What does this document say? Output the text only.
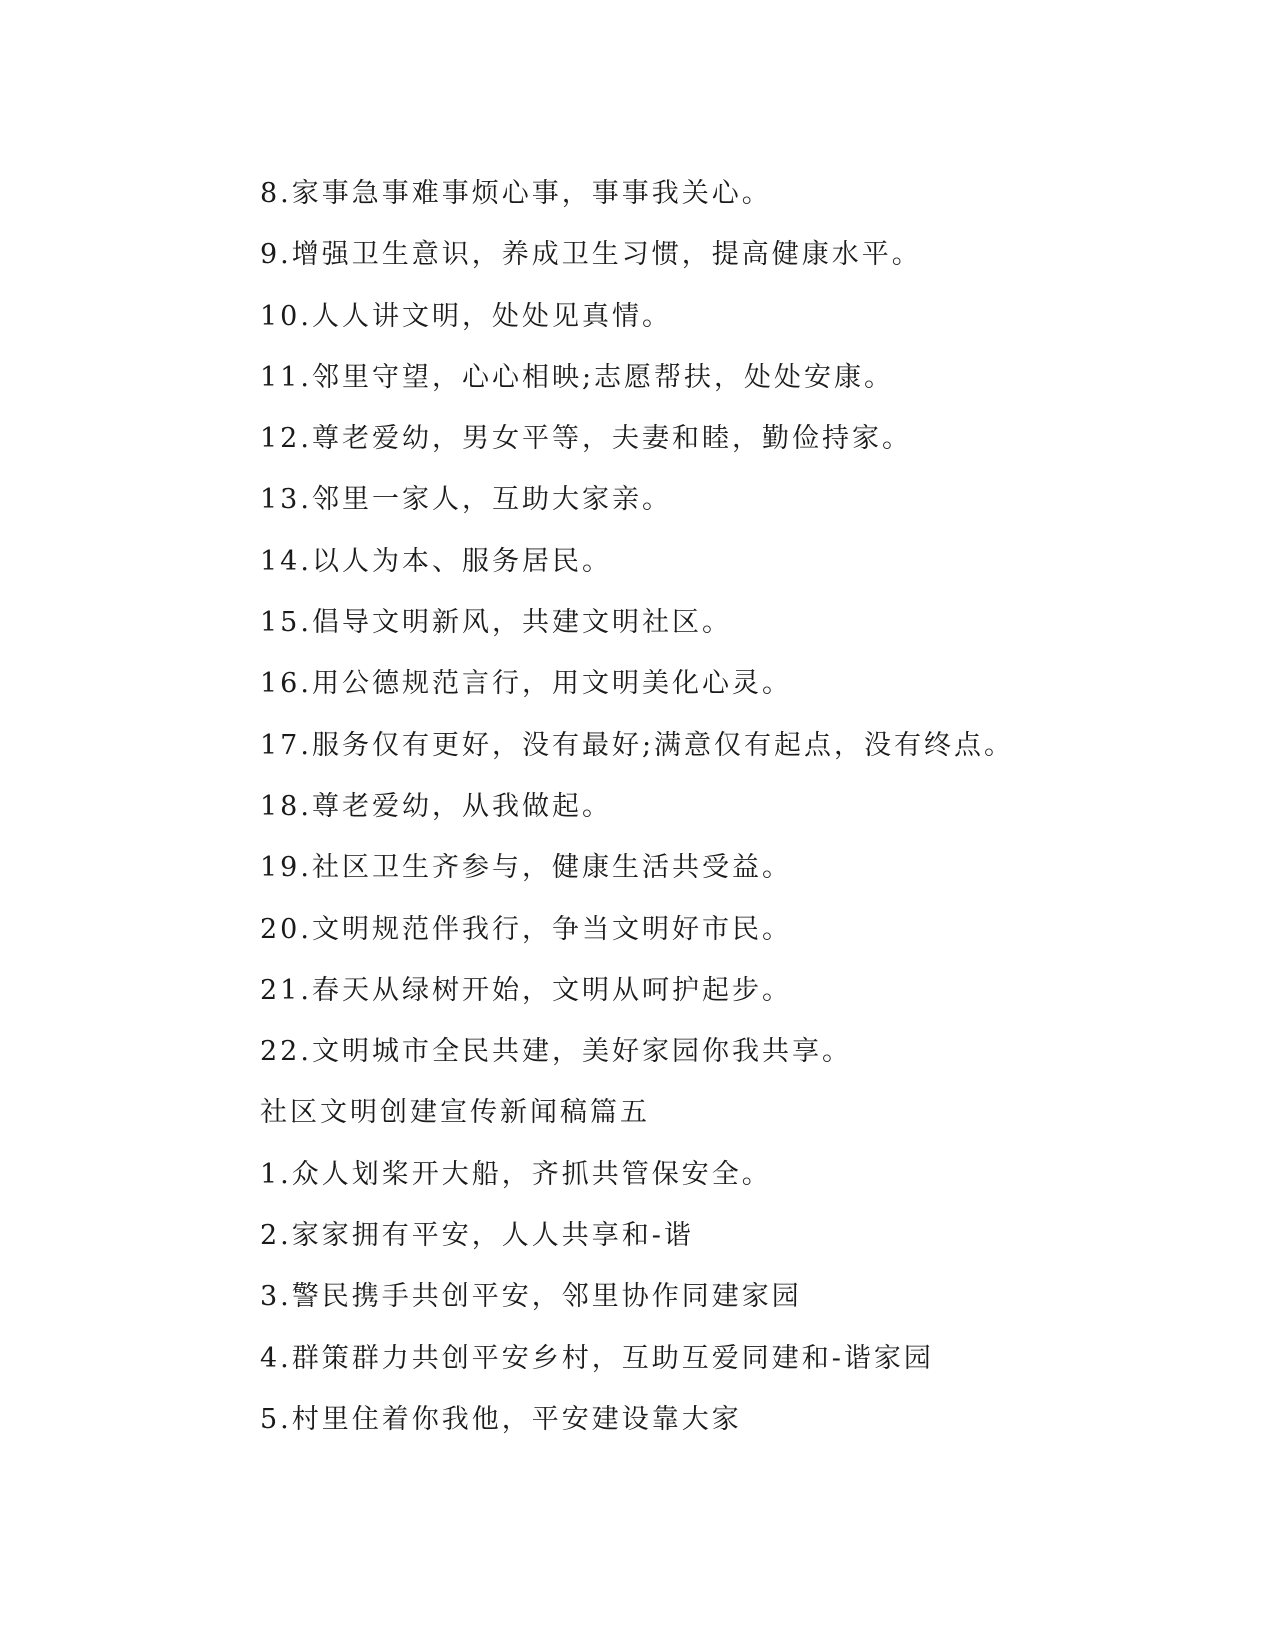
8.家事急事难事烦心事，事事我关心。
9.增强卫生意识，养成卫生习惯，提高健康水平。
10.人人讲文明，处处见真情。
11.邻里守望，心心相映;志愿帮扶，处处安康。
12.尊老爱幼，男女平等，夫妻和睦，勤俭持家。
13.邻里一家人，互助大家亲。
14.以人为本、服务居民。
15.倡导文明新风，共建文明社区。
16.用公德规范言行，用文明美化心灵。
17.服务仅有更好，没有最好;满意仅有起点，没有终点。
18.尊老爱幼，从我做起。
19.社区卫生齐参与，健康生活共受益。
20.文明规范伴我行，争当文明好市民。
21.春天从绿树开始，文明从呵护起步。
22.文明城市全民共建，美好家园你我共享。
社区文明创建宣传新闻稿篇五
1.众人划桨开大船，齐抓共管保安全。
2.家家拥有平安，人人共享和-谐
3.警民携手共创平安，邻里协作同建家园
4.群策群力共创平安乡村，互助互爱同建和-谐家园
5.村里住着你我他，平安建设靠大家
